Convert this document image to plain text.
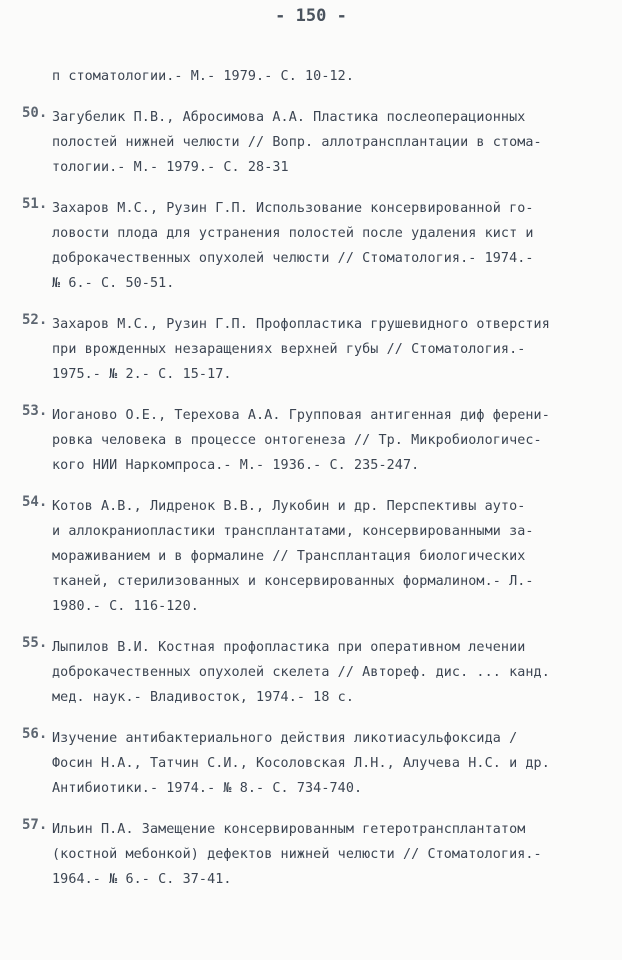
- 150 -
п стоматологии.- М.- 1979.- С. 10-12.
50. Загубелик П.В., Абросимова А.А. Пластика послеоперационных
полостей нижней челюсти // Вопр. аллотрансплантации в стома-
тологии.- М.- 1979.- С. 28-31
51. Захаров М.С., Рузин Г.П. Использование консервированной го-
ловости плода для устранения полостей после удаления кист и
доброкачественных опухолей челюсти // Стоматология.- 1974.-
№ 6.- С. 50-51.
52. Захаров М.С., Рузин Г.П. Профопластика грушевидного отверстия
при врожденных незаращениях верхней губы // Стоматология.-
1975.- № 2.- С. 15-17.
53. Иоганово О.Е., Терехова А.А. Групповая антигенная диф ферени-
ровка человека в процессе онтогенеза // Тр. Микробиологичес-
кого НИИ Наркомпроса.- М.- 1936.- С. 235-247.
54. Котов А.В., Лидренок В.В., Лукобин и др. Перспективы ауто-
и аллокраниопластики трансплантатами, консервированными за-
мораживанием и в формалине // Трансплантация биологических
тканей, стерилизованных и консервированных формалином.- Л.-
1980.- С. 116-120.
55. Лыпилов В.И. Костная профопластика при оперативном лечении
доброкачественных опухолей скелета // Автореф. дис. ... канд.
мед. наук.- Владивосток, 1974.- 18 с.
56. Изучение антибактериального действия ликотиасульфоксида /
Фосин Н.А., Татчин С.И., Косоловская Л.Н., Алучева Н.С. и др.
Антибиотики.- 1974.- № 8.- С. 734-740.
57. Ильин П.А. Замещение консервированным гетеротрансплантатом
(костной мебонкой) дефектов нижней челюсти // Стоматология.-
1964.- № 6.- С. 37-41.
